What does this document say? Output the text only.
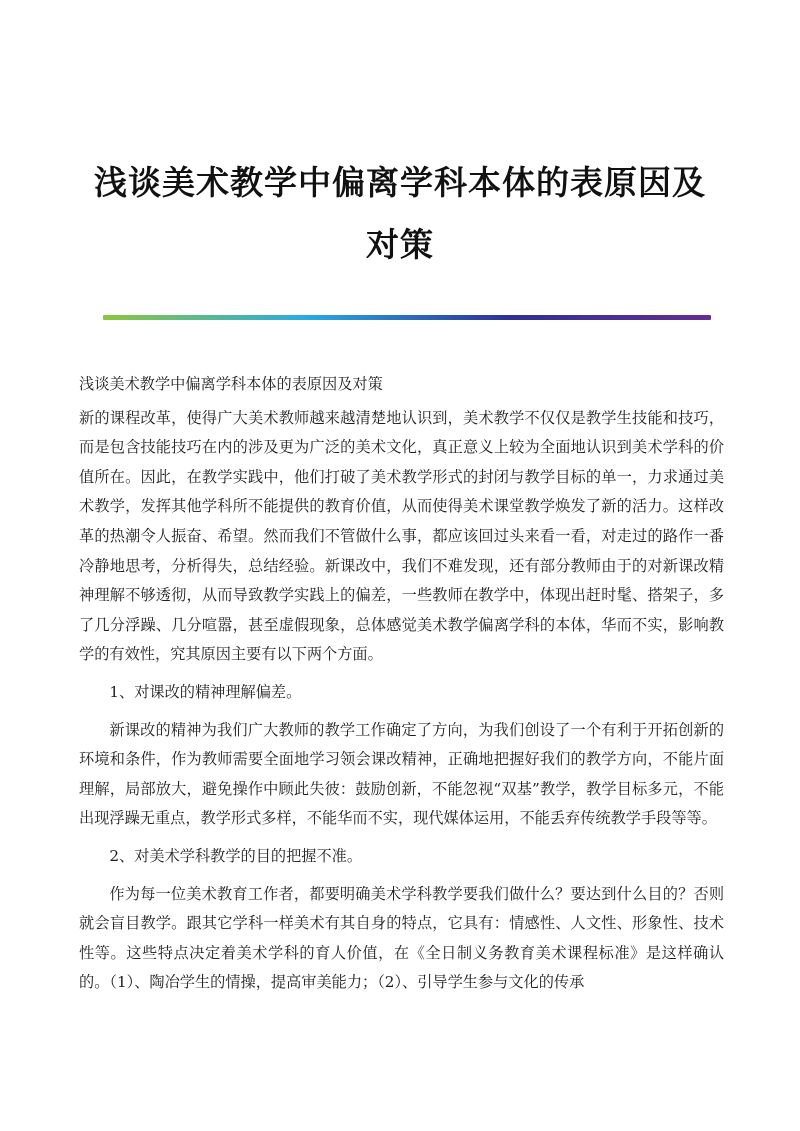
浅谈美术教学中偏离学科本体的表原因及对策

浅谈美术教学中偏离学科本体的表原因及对策

新的课程改革，使得广大美术教师越来越清楚地认识到，美术教学不仅仅是教学生技能和技巧，而是包含技能技巧在内的涉及更为广泛的美术文化，真正意义上较为全面地认识到美术学科的价值所在。因此，在教学实践中，他们打破了美术教学形式的封闭与教学目标的单一，力求通过美术教学，发挥其他学科所不能提供的教育价值，从而使得美术课堂教学焕发了新的活力。这样改革的热潮令人振奋、希望。然而我们不管做什么事，都应该回过头来看一看，对走过的路作一番冷静地思考，分析得失，总结经验。新课改中，我们不难发现，还有部分教师由于的对新课改精神理解不够透彻，从而导致教学实践上的偏差，一些教师在教学中，体现出赶时髦、搭架子，多了几分浮躁、几分喧嚣，甚至虚假现象，总体感觉美术教学偏离学科的本体，华而不实，影响教学的有效性，究其原因主要有以下两个方面。

1、对课改的精神理解偏差。

新课改的精神为我们广大教师的教学工作确定了方向，为我们创设了一个有利于开拓创新的环境和条件，作为教师需要全面地学习领会课改精神，正确地把握好我们的教学方向，不能片面理解，局部放大，避免操作中顾此失彼：鼓励创新，不能忽视“双基”教学，教学目标多元，不能出现浮躁无重点，教学形式多样，不能华而不实，现代媒体运用，不能丢弃传统教学手段等等。

2、对美术学科教学的目的把握不准。

作为每一位美术教育工作者，都要明确美术学科教学要我们做什么？要达到什么目的？否则就会盲目教学。跟其它学科一样美术有其自身的特点，它具有：情感性、人文性、形象性、技术性等。这些特点决定着美术学科的育人价值，在《全日制义务教育美术课程标准》是这样确认的。（1）、陶冶学生的情操，提高审美能力；（2）、引导学生参与文化的传承
